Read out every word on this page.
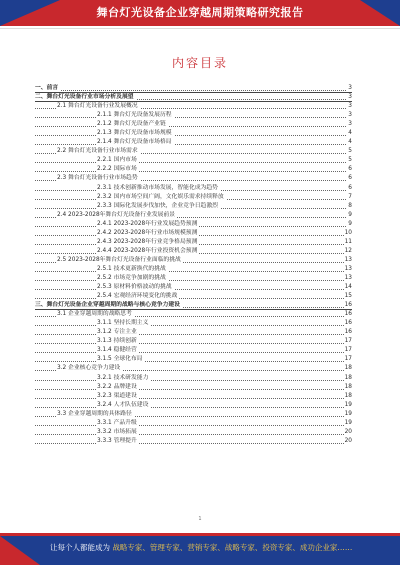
舞台灯光设备企业穿越周期策略研究报告
内容目录
一、前言	3
二、舞台灯光设备行业市场分析及展望	3
2.1 舞台灯光设备行业发展概况	3
2.1.1 舞台灯光设备发展历程	3
2.1.2 舞台灯光设备产业链	3
2.1.3 舞台灯光设备市场规模	4
2.1.4 舞台灯光设备市场格局	4
2.2 舞台灯光设备行业市场需求	5
2.2.1 国内市场	5
2.2.2 国际市场	6
2.3 舞台灯光设备行业市场趋势	6
2.3.1 技术创新推动市场发展，智能化成为趋势	6
2.3.2 国内市场空间广阔，文化娱乐需求持续释放	7
2.3.3 国际化发展步伐加快，企业竞争日趋激烈	8
2.4 2023-2028年舞台灯光设备行业发展前景	9
2.4.1 2023-2028年行业发展趋势预测	9
2.4.2 2023-2028年行业市场规模预测	10
2.4.3 2023-2028年行业竞争格局预测	11
2.4.4 2023-2028年行业投资机会预测	12
2.5 2023-2028年舞台灯光设备行业面临的挑战	13
2.5.1 技术更新换代的挑战	13
2.5.2 市场竞争加剧的挑战	13
2.5.3 原材料价格波动的挑战	14
2.5.4 宏观经济环境变化的挑战	15
三、舞台灯光设备企业穿越周期的战略与核心竞争力建设	16
3.1 企业穿越周期的战略思考	16
3.1.1 坚持长期主义	16
3.1.2 专注主业	16
3.1.3 持续创新	17
3.1.4 稳健经营	17
3.1.5 全球化布局	17
3.2 企业核心竞争力建设	18
3.2.1 技术研发能力	18
3.2.2 品牌建设	18
3.2.3 渠道建设	18
3.2.4 人才队伍建设	19
3.3 企业穿越周期的具体路径	19
3.3.1 产品升级	19
3.3.2 市场拓展	20
3.3.3 管理提升	20
1
让每个人都能成为 战略专家、管理专家、营销专家、战略专家、投资专家、成功企业家……
